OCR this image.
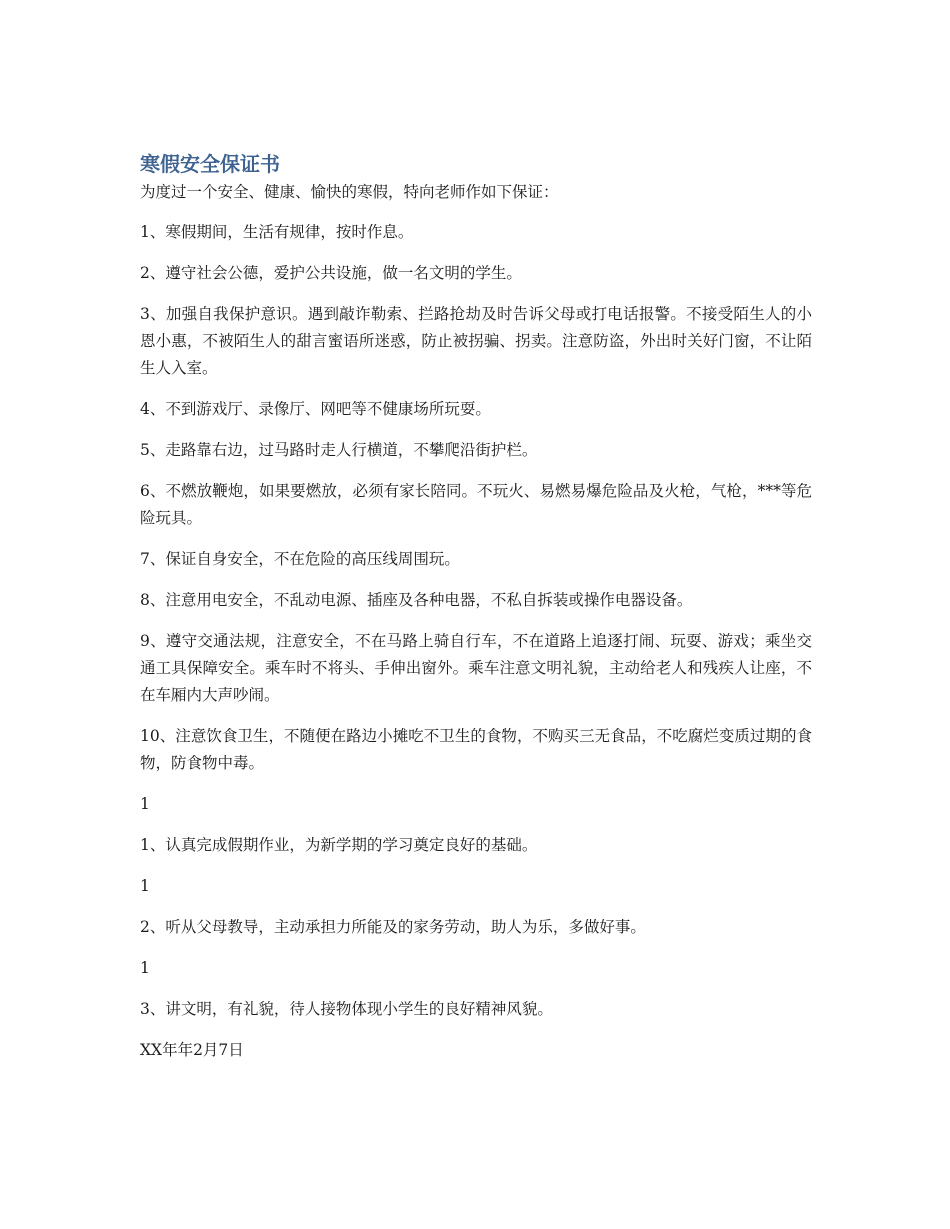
寒假安全保证书

为度过一个安全、健康、愉快的寒假，特向老师作如下保证：

1、寒假期间，生活有规律，按时作息。

2、遵守社会公德，爱护公共设施，做一名文明的学生。

3、加强自我保护意识。遇到敲诈勒索、拦路抢劫及时告诉父母或打电话报警。不接受陌生人的小恩小惠，不被陌生人的甜言蜜语所迷惑，防止被拐骗、拐卖。注意防盗，外出时关好门窗，不让陌生人入室。

4、不到游戏厅、录像厅、网吧等不健康场所玩耍。

5、走路靠右边，过马路时走人行横道，不攀爬沿街护栏。

6、不燃放鞭炮，如果要燃放，必须有家长陪同。不玩火、易燃易爆危险品及火枪，气枪，***等危险玩具。

7、保证自身安全，不在危险的高压线周围玩。

8、注意用电安全，不乱动电源、插座及各种电器，不私自拆装或操作电器设备。

9、遵守交通法规，注意安全，不在马路上骑自行车，不在道路上追逐打闹、玩耍、游戏；乘坐交通工具保障安全。乘车时不将头、手伸出窗外。乘车注意文明礼貌，主动给老人和残疾人让座，不在车厢内大声吵闹。

10、注意饮食卫生，不随便在路边小摊吃不卫生的食物，不购买三无食品，不吃腐烂变质过期的食物，防食物中毒。

1

1、认真完成假期作业，为新学期的学习奠定良好的基础。

1

2、听从父母教导，主动承担力所能及的家务劳动，助人为乐，多做好事。

1

3、讲文明，有礼貌，待人接物体现小学生的良好精神风貌。

XX年年2月7日
